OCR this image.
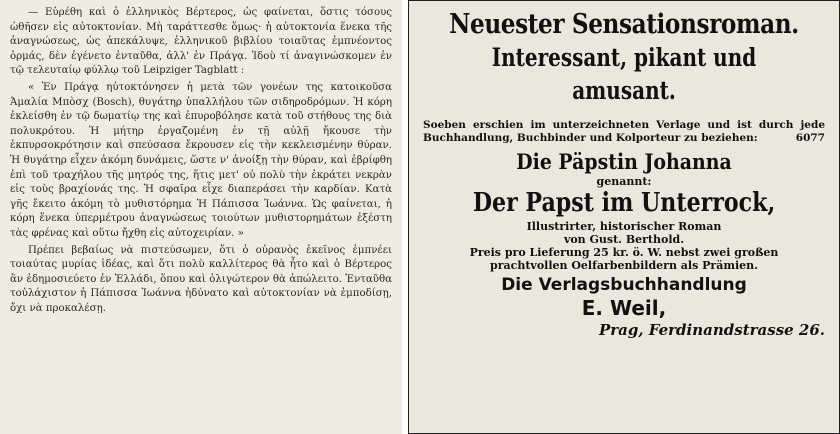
— Εὑρέθη καὶ ὁ ἑλληνικὸς Βέρτερος, ὡς φαίνεται, ὅστις τόσους ὠθῆσεν εἰς αὐτοκτονίαν. Μὴ ταράττεσθε ὅμως· ἡ αὐτοκτονία ἕνεκα τῆς ἀναγνώσεως, ὡς ἀπεκάλυψε, ἑλληνικοῦ βιβλίου τοιαῦτας ἐμπνέοντος ὁρμάς, δὲν ἐγένετο ἐνταῦθα, ἀλλ' ἐν Πράγᾳ. Ἰδοὺ τί ἀναγινώσκομεν ἐν τῷ τελευταίῳ φύλλῳ τοῦ Leipziger Tagblatt :

« Ἐν Πράγᾳ ηὐτοκτόνησεν ἡ μετὰ τῶν γονέων της κατοικοῦσα Ἀμαλία Μπὸσχ (Bosch), θυγάτηρ ὑπαλλήλου τῶν σιδηροδρόμων. Ἡ κόρη ἐκλείσθη ἐν τῷ δωματίῳ της καὶ ἐπυροβόλησε κατὰ τοῦ στήθους της διὰ πολυκρότου. Ἡ μήτηρ ἐργαζομένη ἐν τῇ αὐλῇ ἤκουσε τὴν ἐκπυρσοκρότησιν καὶ σπεύσασα ἔκρουσεν εἰς τὴν κεκλεισμένην θύραν. Ἡ θυγάτηρ εἶχεν ἀκόμη δυνάμεις, ὥστε ν' ἀνοίξῃ τὴν θύραν, καὶ ἐβρίφθη ἐπὶ τοῦ τραχήλου τῆς μητρός της, ἥτις μετ' οὐ πολὺ τὴν ἐκράτει νεκρὰν εἰς τοὺς βραχίονάς της. Ἡ σφαῖρα εἶχε διαπεράσει τὴν καρδίαν. Κατὰ γῆς ἔκειτο ἀκόμη τὸ μυθιστόρημα Ἡ Πάπισσα Ἰωάννα. Ὡς φαίνεται, ἡ κόρη ἕνεκα ὑπερμέτρου ἀναγνώσεως τοιούτων μυθιστορημάτων ἐξέστη τὰς φρένας καὶ οὕτω ἤχθη εἰς αὐτοχειρίαν. »

Πρέπει βεβαίως νὰ πιστεύσωμεν, ὅτι ὁ οὐρανὸς ἐκεῖνος ἐμπνέει τοιαύτας μυρίας ἰδέας, καὶ ὅτι πολὺ καλλίτερος θὰ ἦτο καὶ ὁ Βέρτερος ἂν ἐδημοσιεύετο ἐν Ἑλλάδι, ὅπου καὶ ὀλιγώτερον θὰ ἀπώλειτο. Ἐνταῦθα τοὐλάχιστον ἡ Πάπισσα Ἰωάννα ἠδύνατο καὶ αὐτοκτονίαν νὰ ἐμποδίσῃ, ὄχι νὰ προκαλέσῃ.

Neuester Sensationsroman.

Interessant, pikant und amusant.

Soeben erschien im unterzeichneten Verlage und ist durch jede Buchhandlung, Buchbinder und Kolporteur zu beziehen:	6077

Die Päpstin Johanna

genannt:

Der Papst im Unterrock,

Illustrirter, historischer Roman

von Gust. Berthold.

Preis pro Lieferung 25 kr. ö. W. nebst zwei großen prachtvollen Oelfarbenbildern als Prämien.

Die Verlagsbuchhandlung

E. Weil,

Prag, Ferdinandstrasse 26.
